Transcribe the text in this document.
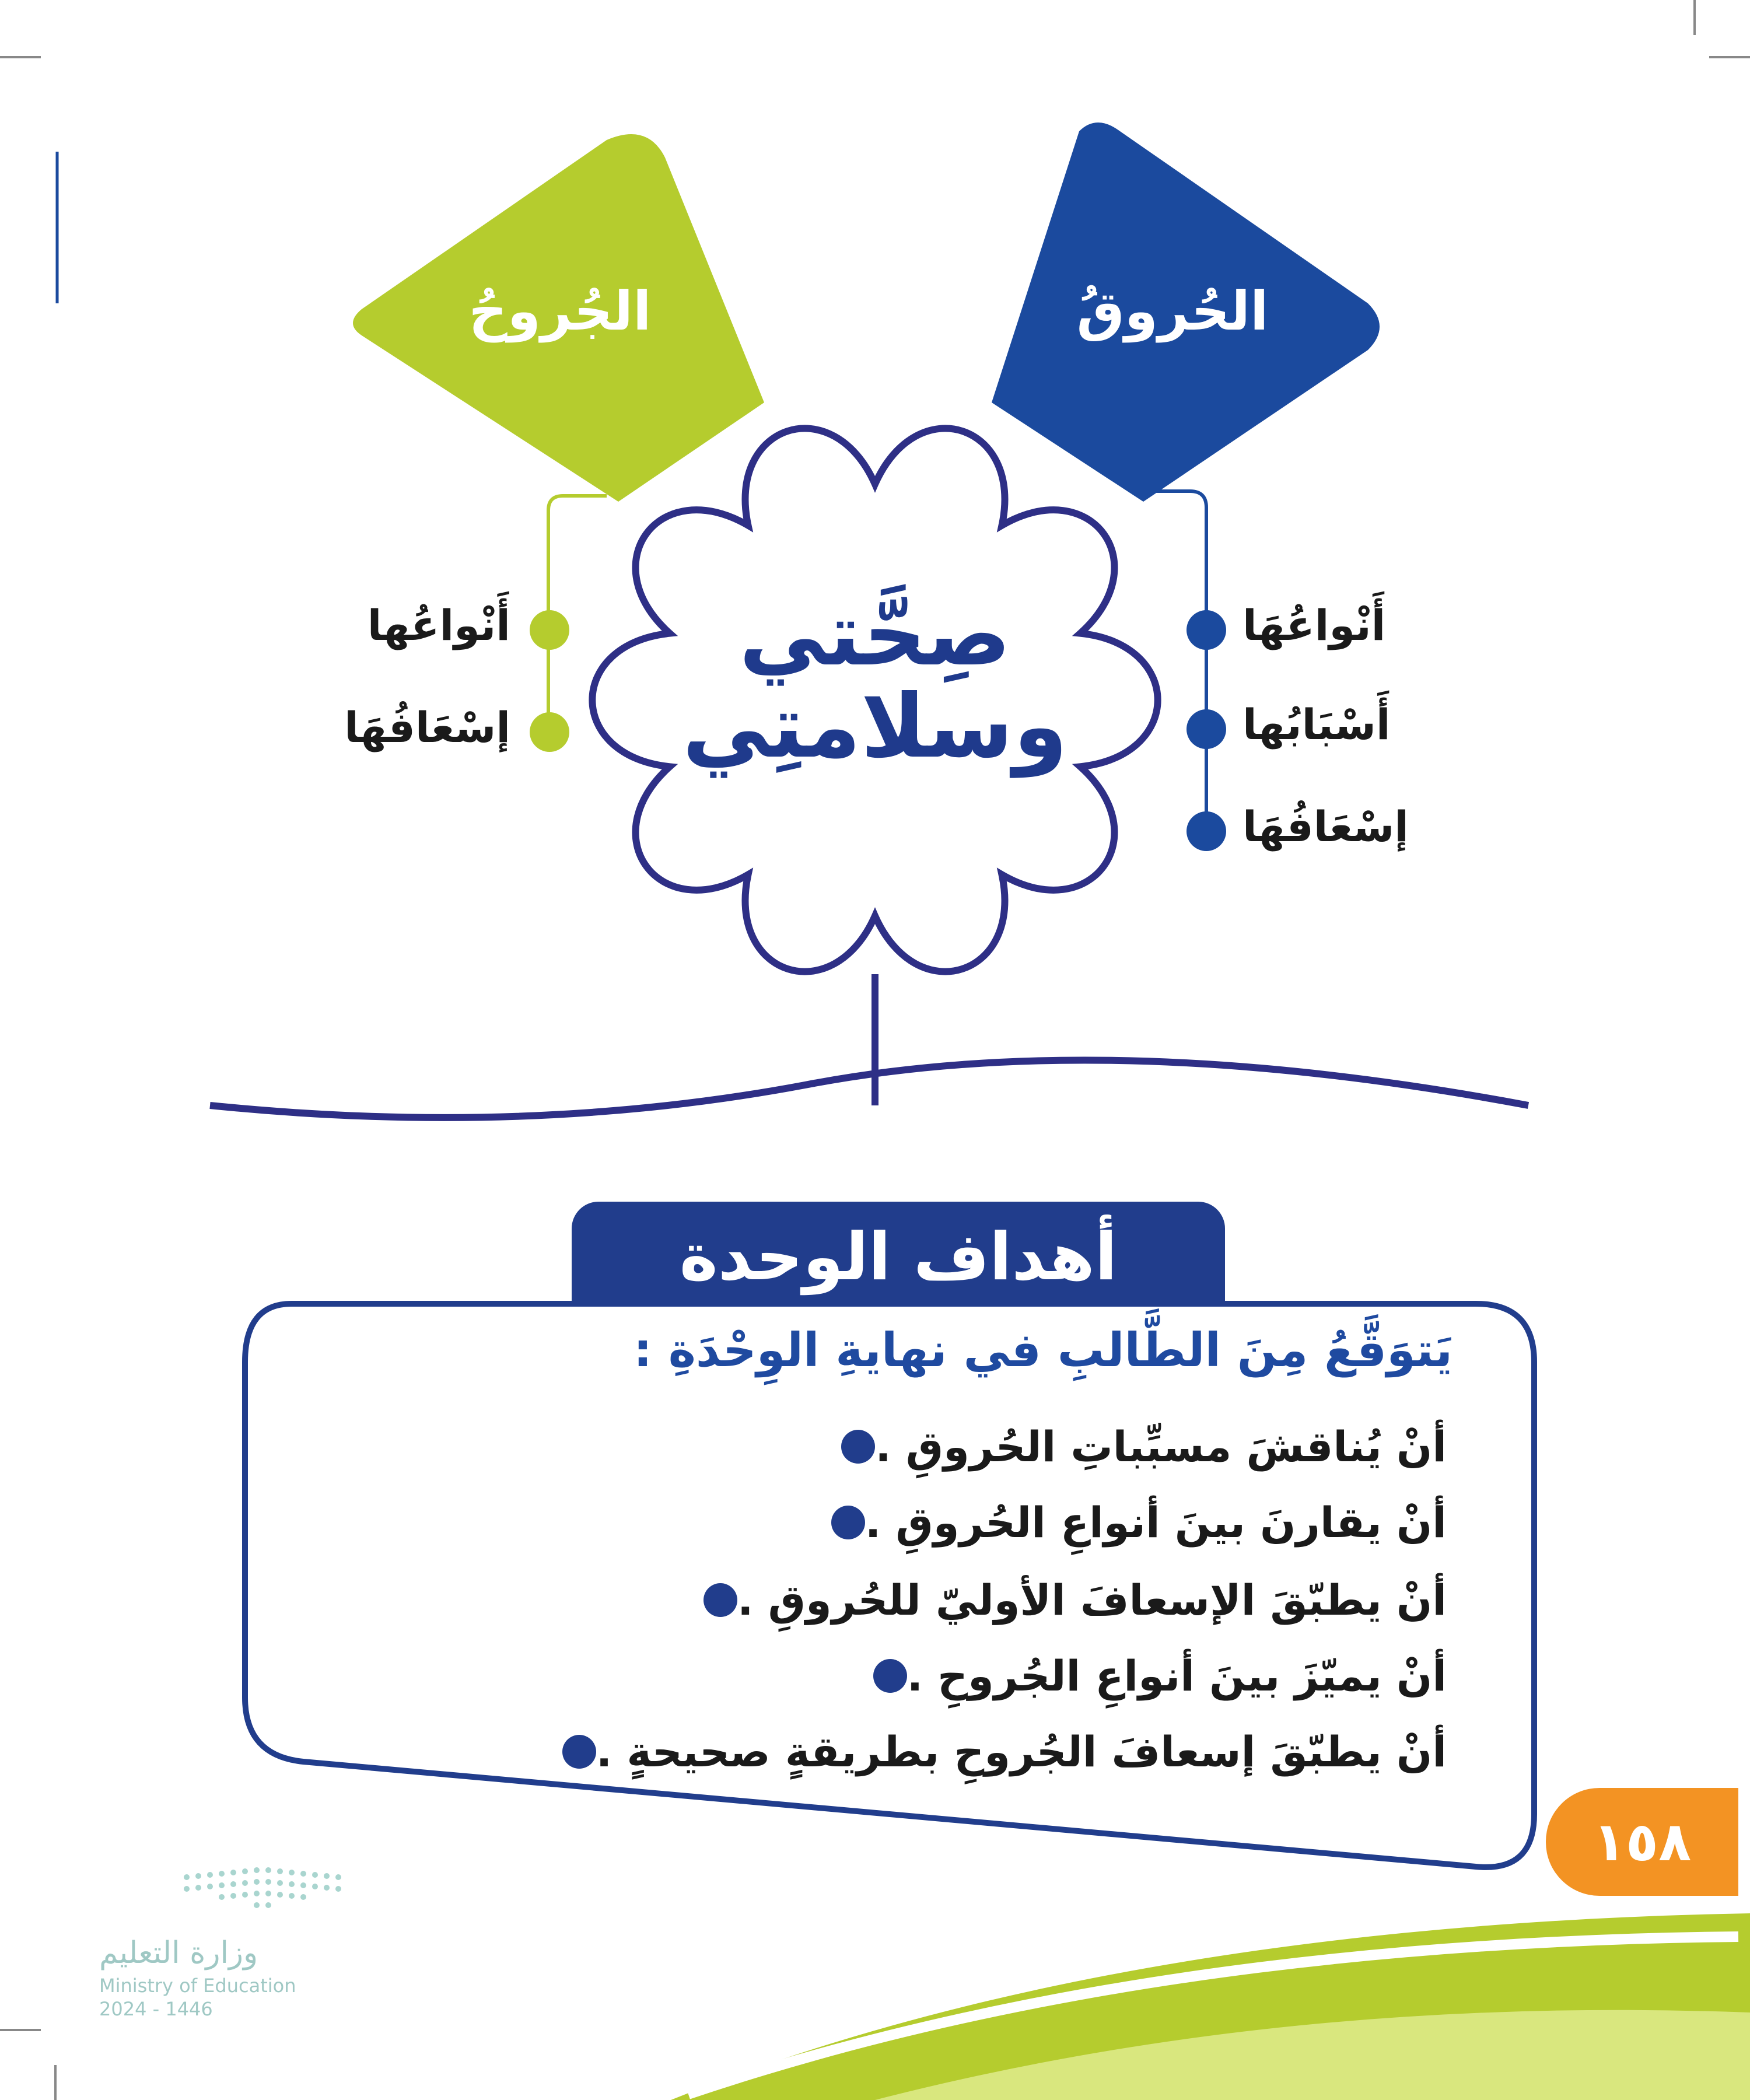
الجُروحُ	الحُروقُ
صِحَّتي
وسلامتِي
أَنْواعُهَا
أَسْبَابُها
إسْعَافُهَا
أَنْواعُها
إسْعَافُهَا
أهداف الوحدة
يَتوَقَّعُ مِنَ الطَّالبِ في نهايةِ الوِحْدَةِ :
أنْ يُناقشَ مسبِّباتِ الحُروقِ .
أنْ يقارنَ بينَ أنواعِ الحُروقِ .
أنْ يطبّقَ الإسعافَ الأوليّ للحُروقِ .
أنْ يميّزَ بينَ أنواعِ الجُروحِ .
أنْ يطبّقَ إسعافَ الجُروحِ بطريقةٍ صحيحةٍ .
١٥٨
وزارة التعليم
Ministry of Education
2024 - 1446
